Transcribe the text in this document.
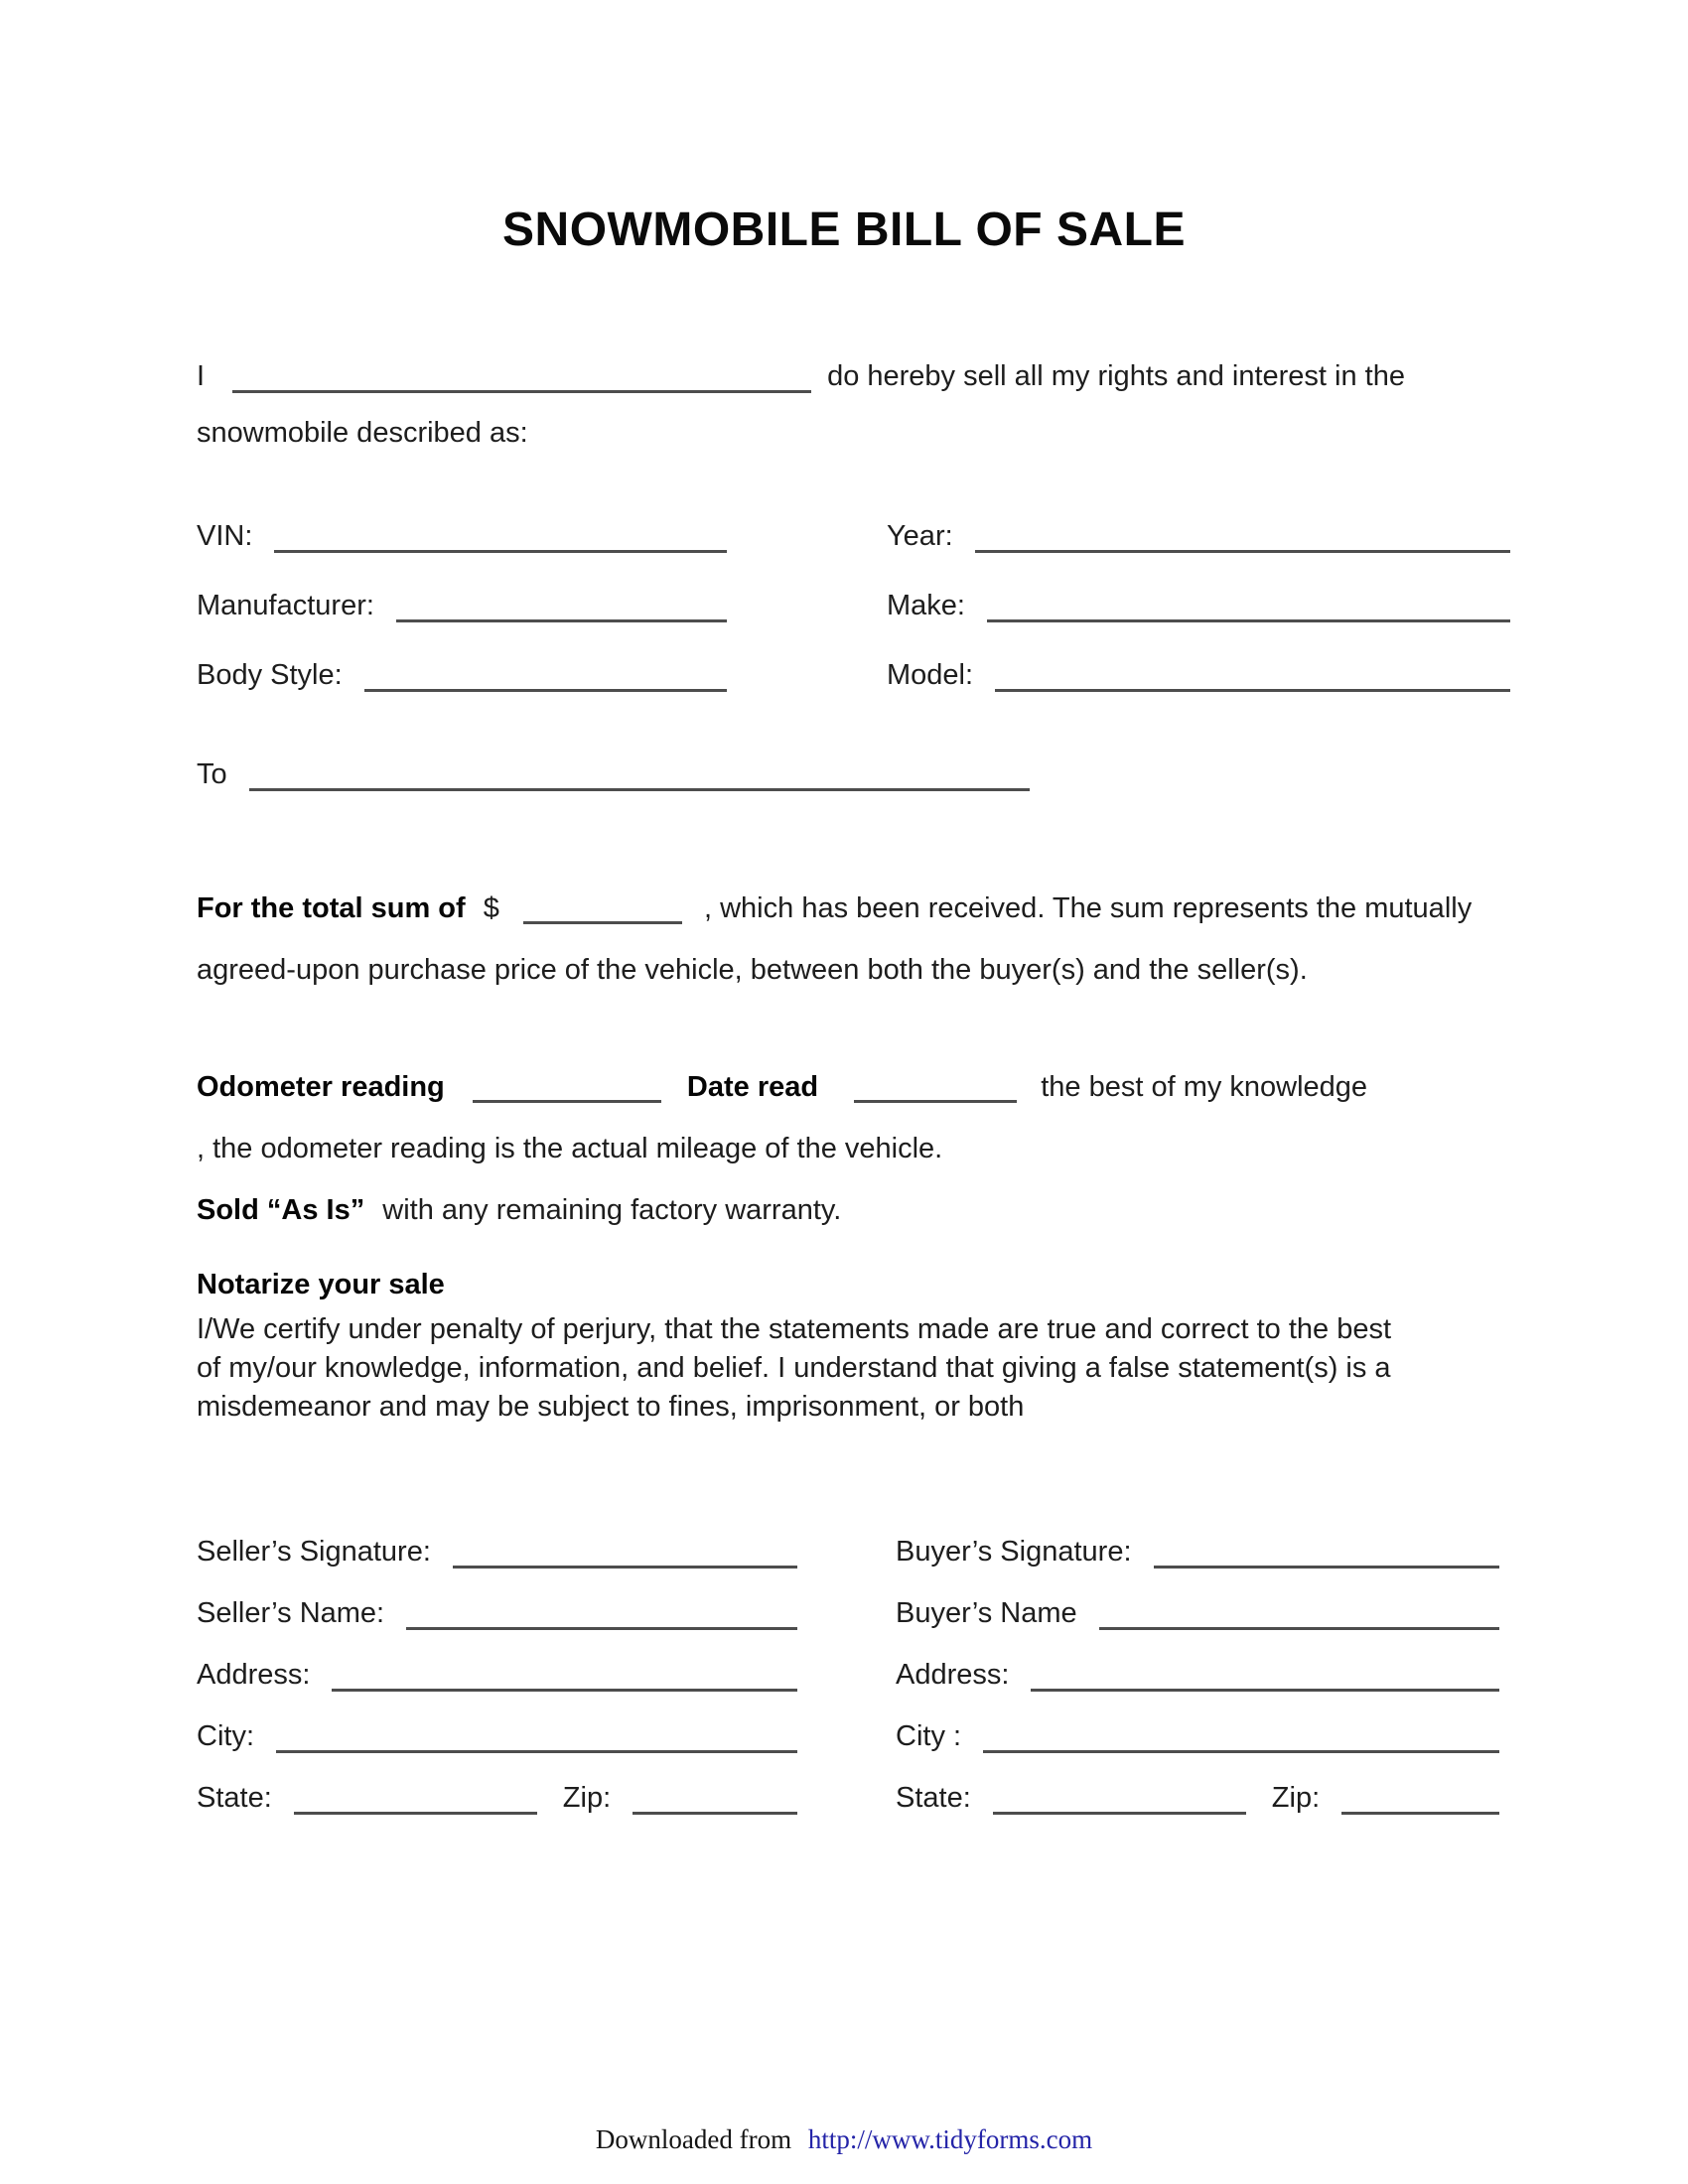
SNOWMOBILE BILL OF SALE
I	do hereby sell all my rights and interest in the
snowmobile described as:
VIN:	Year:
Manufacturer:	Make:
Body Style:	Model:
To
For the total sum of $	, which has been received. The sum represents the mutually
agreed-upon purchase price of the vehicle, between both the buyer(s) and the seller(s).
Odometer reading	Date read	the best of my knowledge
, the odometer reading is the actual mileage of the vehicle.
Sold “As Is” with any remaining factory warranty.
Notarize your sale
I/We certify under penalty of perjury, that the statements made are true and correct to the best
of my/our knowledge, information, and belief. I understand that giving a false statement(s) is a
misdemeanor and may be subject to fines, imprisonment, or both
Seller’s Signature:	Buyer’s Signature:
Seller’s Name:	Buyer’s Name
Address:	Address:
City:	City :
State:	Zip:	State:	Zip:
Downloaded from http://www.tidyforms.com
